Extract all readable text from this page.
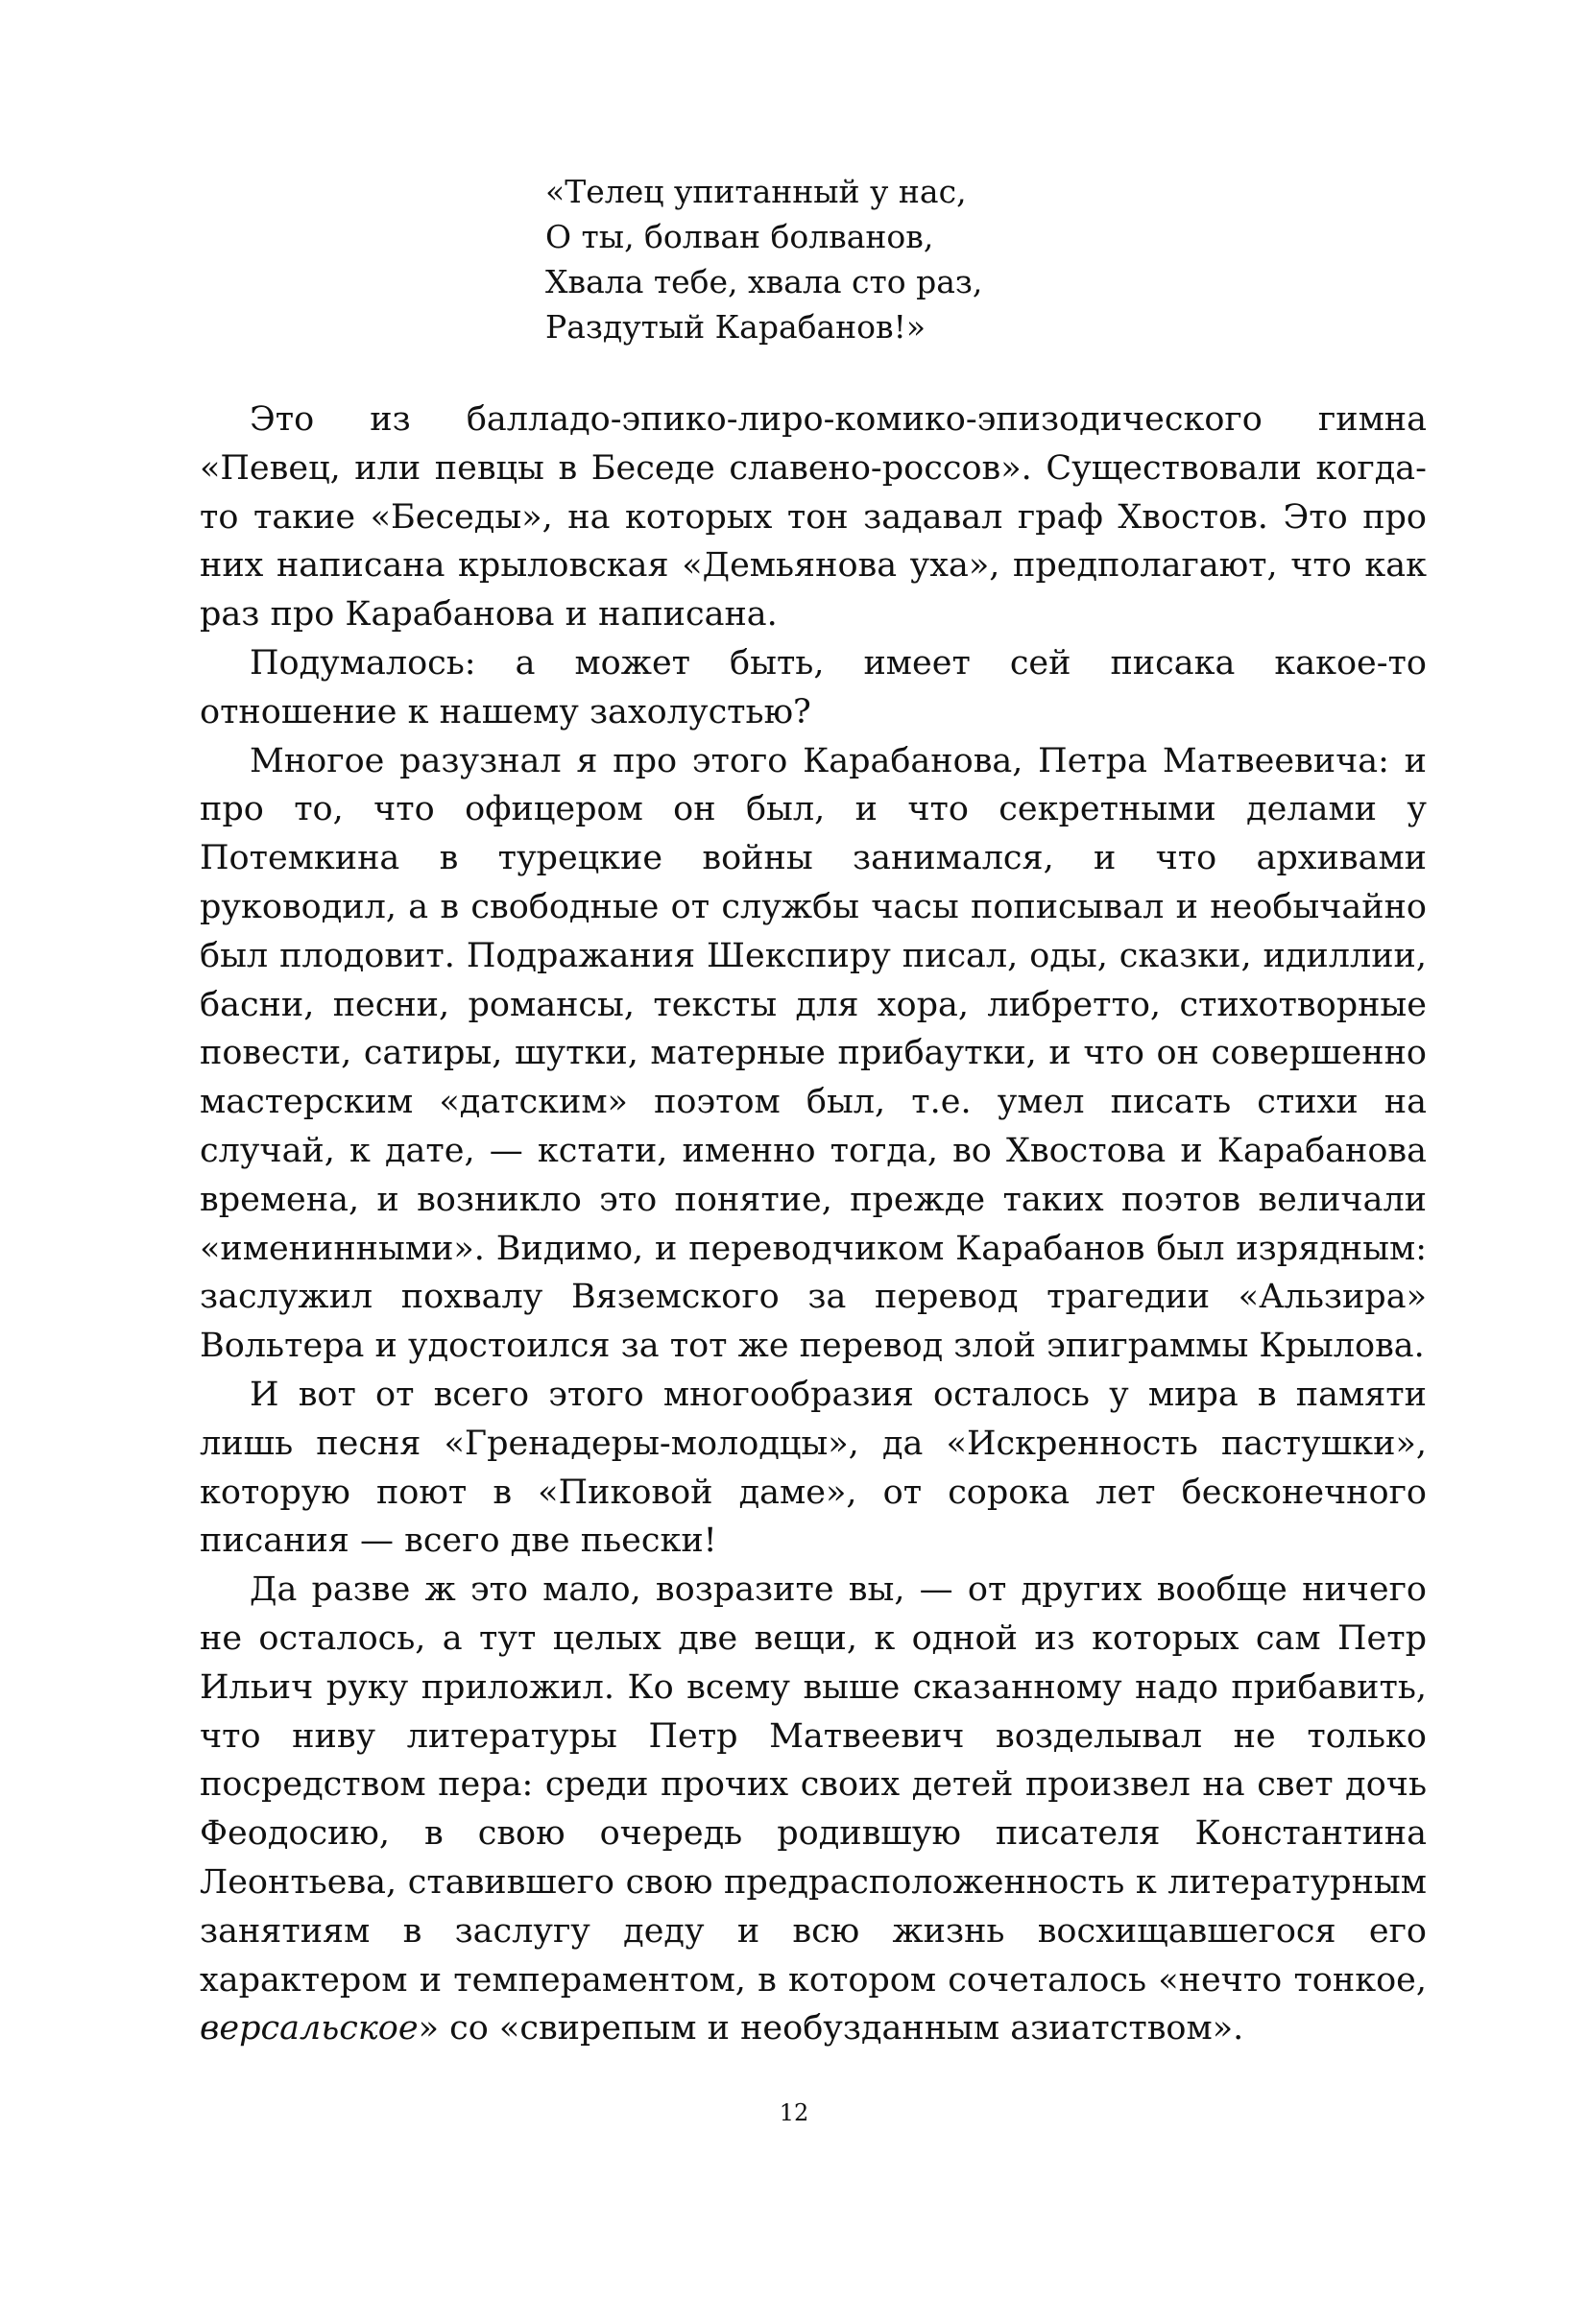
«Телец упитанный у нас,
О ты, болван болванов,
Хвала тебе, хвала сто раз,
Раздутый Карабанов!»

Это из балладо-эпико-лиро-комико-эпизодического гимна «Певец, или певцы в Беседе славено-россов». Существовали когда-то такие «Беседы», на которых тон задавал граф Хвостов. Это про них написана крыловская «Демьянова уха», предполагают, что как раз про Карабанова и написана.

Подумалось: а может быть, имеет сей писака какое-то отношение к нашему захолустью?

Многое разузнал я про этого Карабанова, Петра Матвеевича: и про то, что офицером он был, и что секретными делами у Потемкина в турецкие войны занимался, и что архивами руководил, а в свободные от службы часы пописывал и необычайно был плодовит. Подражания Шекспиру писал, оды, сказки, идиллии, басни, песни, романсы, тексты для хора, либретто, стихотворные повести, сатиры, шутки, матерные прибаутки, и что он совершенно мастерским «датским» поэтом был, т.е. умел писать стихи на случай, к дате, — кстати, именно тогда, во Хвостова и Карабанова времена, и возникло это понятие, прежде таких поэтов величали «именинными». Видимо, и переводчиком Карабанов был изрядным: заслужил похвалу Вяземского за перевод трагедии «Альзира» Вольтера и удостоился за тот же перевод злой эпиграммы Крылова.

И вот от всего этого многообразия осталось у мира в памяти лишь песня «Гренадеры-молодцы», да «Искренность пастушки», которую поют в «Пиковой даме», от сорока лет бесконечного писания — всего две пьески!

Да разве ж это мало, возразите вы, — от других вообще ничего не осталось, а тут целых две вещи, к одной из которых сам Петр Ильич руку приложил. Ко всему выше сказанному надо прибавить, что ниву литературы Петр Матвеевич возделывал не только посредством пера: среди прочих своих детей произвел на свет дочь Феодосию, в свою очередь родившую писателя Константина Леонтьева, ставившего свою предрасположенность к литературным занятиям в заслугу деду и всю жизнь восхищавшегося его характером и темпераментом, в котором сочеталось «нечто тонкое, версальское» со «свирепым и необузданным азиатством».

12
